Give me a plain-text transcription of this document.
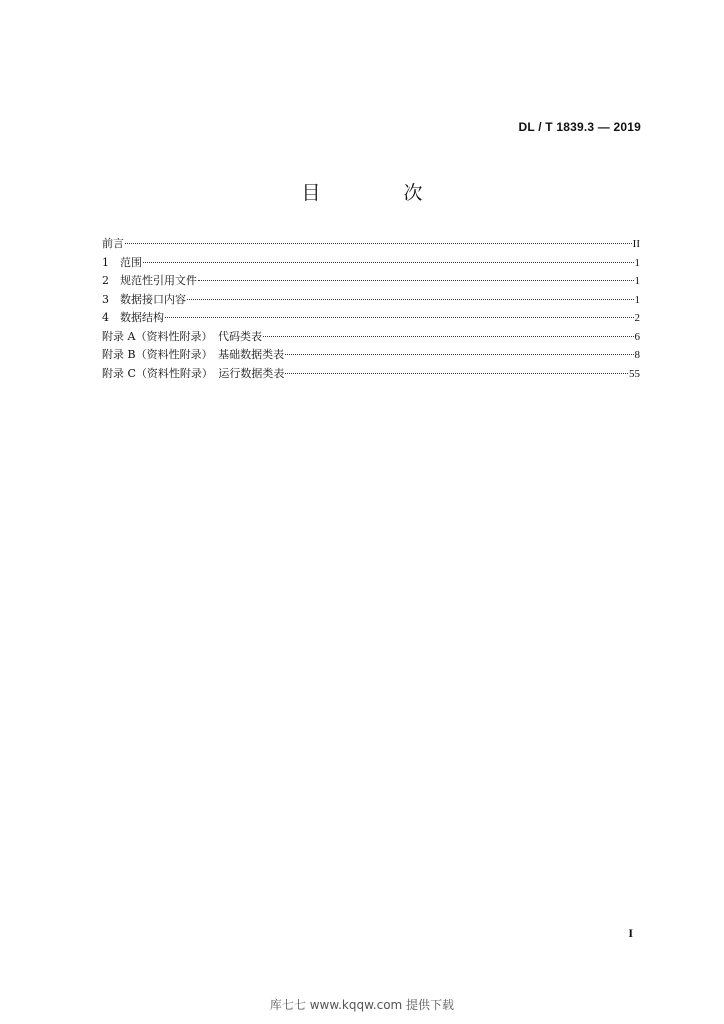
DL / T 1839.3 — 2019
目　次
前言	II
1　范围	1
2　规范性引用文件	1
3　数据接口内容	1
4　数据结构	2
附录 A（资料性附录）　代码类表	6
附录 B（资料性附录）　基础数据类表	8
附录 C（资料性附录）　运行数据类表	55
I
库七七 www.kqqw.com 提供下载
